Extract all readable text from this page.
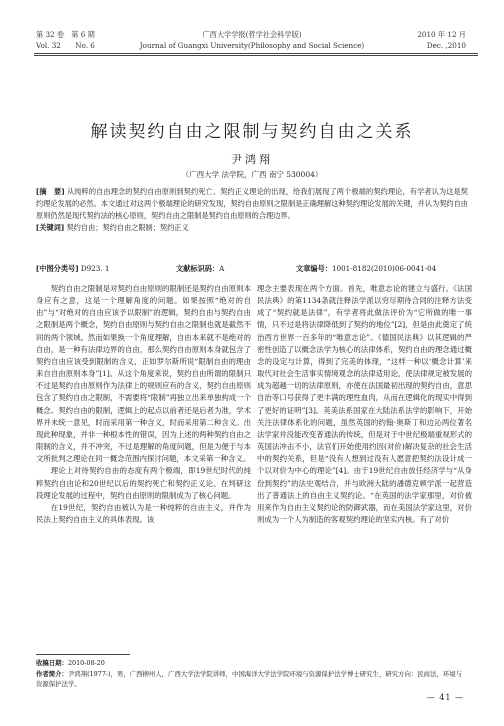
第 32 卷　第 6 期
Vol. 32　　No. 6
广西大学学报(哲学社会科学版)
Journal of Guangxi University(Philosophy and Social Science)
2010 年 12 月
Dec. ,2010
解读契约自由之限制与契约自由之关系
尹鸿翔
（广西大学 法学院，广西 南宁 530004）
[摘　要] 从纯粹的自由理念的契约自由原则到契约死亡、契约正义理论的出现，给我们展现了两个极端的契约理论，有学者认为这是契约理论发展的必然。本文通过对这两个极端理论的研究发现，契约自由原则之限制是正确理解这种契约理论发展的关键，并认为契约自由原则仍然是现代契约法的核心原则，契约自由之限制是契约自由原则的合理边界。
[关键词] 契约自由；契约自由之限制；契约正义
[中图分类号] D923. 1	文献标识码：A	文章编号：1001-8182(2010)06-0041-04

契约自由之限制是对契约自由原则的限制还是契约自由原则本身应有之意，这是一个理解角度的问题。如果按照“绝对的自由”与“对绝对的自由应该予以限制”的逻辑，契约自由与契约自由之限制是两个概念，契约自由原则与契约自由之限制也就是截然不同的两个领域。然而如果换一个角度理解，自由本来就不是绝对的自由，是一种有法律边界的自由，那么契约自由原则本身就包含了契约自由应该受到限制的含义，正如罗尔斯所说“限制自由的理由来自自由原则本身”[1]。从这个角度来说，契约自由所谓的限制只不过是契约自由原则作为法律上的规则应有的含义，契约自由原则包含了契约自由之限制，不需要将“限制”再独立出来单独构成一个概念。契约自由的限制，逻辑上的起点以前者还是后者为准，学术界并未统一意见，时而采用第一种含义，时而采用第二种含义。出现此种现象，并非一种根本性的错误，因为上述的两种契约自由之限制的含义，并不冲突，不过是理解的角度问题，但是为便于与本文所批判之理论在同一概念范围内探讨问题，本文采第一种含义。

理论上对待契约自由的态度有两个极端，即19世纪时代的纯粹契约自由论和20世纪以后的契约死亡和契约正义论。在判研这段理论发展的过程中，契约自由原则的限制成为了核心问题。

在19世纪，契约自由被认为是一种纯粹的自由主义，并作为民法上契约自由主义的具体表现。该

理念主要表现在两个方面。首先，唯意志论的建立与盛行。《法国民法典》的第1134条就注释法学派以穷尽期待合同的注释方法变成了“契约就是法律”，有学者将此做法评价为“它所做的唯一事情，只不过是将法律降低到了契约的地位”[2]，但是由此奠定了统治西方世界一百多年的“唯意志论”。《德国民法典》以其逻辑的严密性创造了以概念法学为核心的法律体系，契约自由的理念通过概念的设定与计算，得到了完美的体现，“这样一种以‘概念计算’来取代对社会生活事实情境观念的法律适用论，使法律规定被发展的成为超越一切的法律原则，亦使在法国最初出现的契约自由，意思自治等口号获得了更丰满的理性血肉，从而在逻辑化的现实中得到了更好的证明”[3]。英美法系国家在大陆法系法学的影响下，开始关注法律体系化的问题，虽然英国的约翰·奥斯丁和边沁两位著名法学家并没能改变普通法的传统，但是对于中世纪极端重视形式的英国法冲击不小，法官们开始使用约因(对价)解决复杂的社会生活中的契约关系，但是“没有人想到过没有人愿意把契约法设计成一个以对价为中心的理论”[4]。由于19世纪自由放任经济学与“从身份到契约”的法史观结合，并与欧洲大陆的潘德克顿学派一起营造出了普通法上的自由主义契约论。“在英国的法学家那里，对价被用来作为自由主义契约论的防御武器，而在美国法学家这里，对价则成为一个人为制造的客观契约理论的坚实内核。有了对价

收稿日期：2010-08-20
作者简介：尹鸿翔(1977-)，男，广西柳州人，广西大学法学院讲师，中国海洋大学法学院环境与资源保护法学博士研究生，研究方向：民商法，环境与资源保护法学。
— 41 —
